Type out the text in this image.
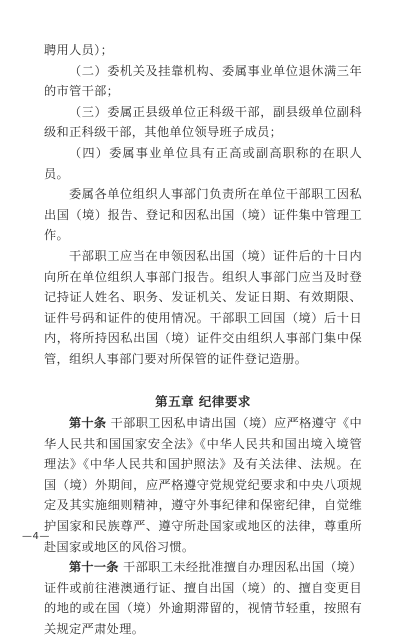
聘用人员）；

（二）委机关及挂靠机构、委属事业单位退休满三年的市管干部；

（三）委属正县级单位正科级干部，副县级单位副科级和正科级干部，其他单位领导班子成员；

（四）委属事业单位具有正高或副高职称的在职人员。

委属各单位组织人事部门负责所在单位干部职工因私出国（境）报告、登记和因私出国（境）证件集中管理工作。

干部职工应当在申领因私出国（境）证件后的十日内向所在单位组织人事部门报告。组织人事部门应当及时登记持证人姓名、职务、发证机关、发证日期、有效期限、证件号码和证件的使用情况。干部职工回国（境）后十日内，将所持因私出国（境）证件交由组织人事部门集中保管，组织人事部门要对所保管的证件登记造册。

第五章 纪律要求

第十条 干部职工因私申请出国（境）应严格遵守《中华人民共和国国家安全法》《中华人民共和国出境入境管理法》《中华人民共和国护照法》及有关法律、法规。在国（境）外期间，应严格遵守党规党纪要求和中央八项规定及其实施细则精神，遵守外事纪律和保密纪律，自觉维护国家和民族尊严、遵守所赴国家或地区的法律，尊重所赴国家或地区的风俗习惯。

第十一条 干部职工未经批准擅自办理因私出国（境）证件或前往港澳通行证、擅自出国（境）的、擅自变更目的地的或在国（境）外逾期滞留的，视情节轻重，按照有关规定严肃处理。

—4—
